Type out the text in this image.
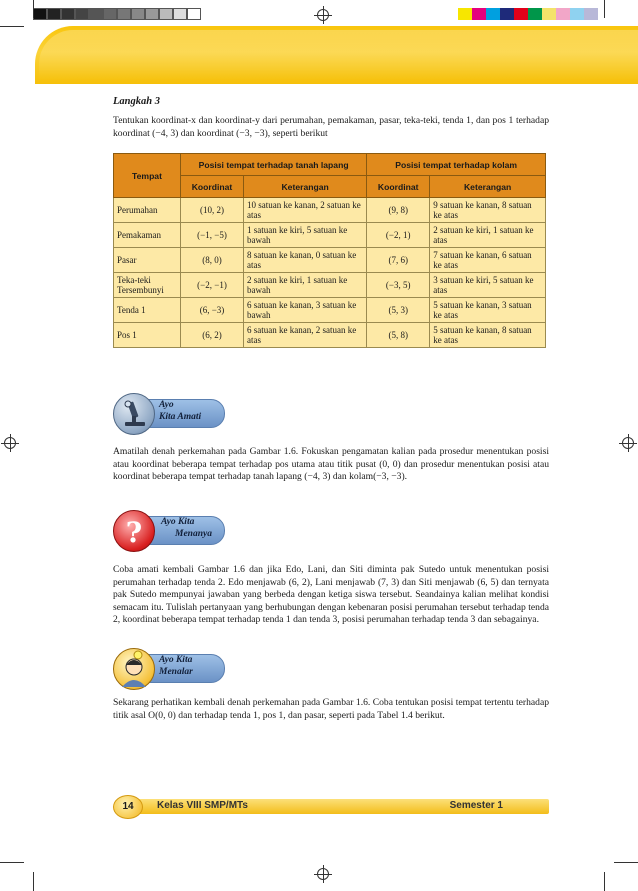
Langkah 3
Tentukan koordinat-x dan koordinat-y dari perumahan, pemakaman, pasar, teka-teki, tenda 1, dan pos 1 terhadap koordinat (−4, 3) dan koordinat (−3, −3), seperti berikut
Tempat	Posisi tempat terhadap tanah lapang		Posisi tempat terhadap kolam	
	Koordinat	Keterangan	Koordinat	Keterangan
Perumahan	(10, 2)	10 satuan ke kanan, 2 satuan ke atas	(9, 8)	9 satuan ke kanan, 8 satuan ke atas
Pemakaman	(−1, −5)	1 satuan ke kiri, 5 satuan ke bawah	(−2, 1)	2 satuan ke kiri, 1 satuan ke atas
Pasar	(8, 0)	8 satuan ke kanan, 0 satuan ke atas	(7, 6)	7 satuan ke kanan, 6 satuan ke atas
Teka-teki Tersembunyi	(−2, −1)	2 satuan ke kiri, 1 satuan ke bawah	(−3, 5)	3 satuan ke kiri, 5 satuan ke atas
Tenda 1	(6, −3)	6 satuan ke kanan, 3 satuan ke bawah	(5, 3)	5 satuan ke kanan, 3 satuan ke atas
Pos 1	(6, 2)	6 satuan ke kanan, 2 satuan ke atas	(5, 8)	5 satuan ke kanan, 8 satuan ke atas
Ayo
Kita Amati
Amatilah denah perkemahan pada Gambar 1.6. Fokuskan pengamatan kalian pada prosedur menentukan posisi atau koordinat beberapa tempat terhadap pos utama atau titik pusat (0, 0) dan prosedur menentukan posisi atau koordinat beberapa tempat terhadap tanah lapang (−4, 3) dan kolam(−3, −3).
? Ayo Kita
Menanya
Coba amati kembali Gambar 1.6 dan jika Edo, Lani, dan Siti diminta pak Sutedo untuk menentukan posisi perumahan terhadap tenda 2. Edo menjawab (6, 2), Lani menjawab (7, 3) dan Siti menjawab (6, 5) dan ternyata pak Sutedo mempunyai jawaban yang berbeda dengan ketiga siswa tersebut. Seandainya kalian melihat kondisi semacam itu. Tulislah pertanyaan yang berhubungan dengan kebenaran posisi perumahan tersebut terhadap tenda 2, koordinat beberapa tempat terhadap tenda 1 dan tenda 3, posisi perumahan terhadap tenda 3 dan sebagainya.
Ayo Kita
Menalar
Sekarang perhatikan kembali denah perkemahan pada Gambar 1.6. Coba tentukan posisi tempat tertentu terhadap titik asal O(0, 0) dan terhadap tenda 1, pos 1, dan pasar, seperti pada Tabel 1.4 berikut.
14	Kelas VIII SMP/MTs	Semester 1
